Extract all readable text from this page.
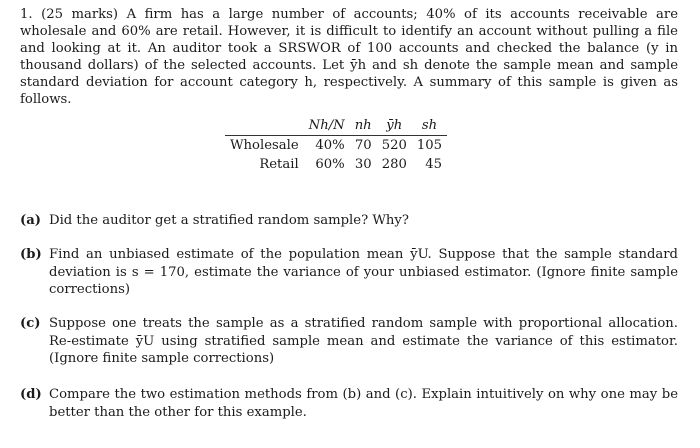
1. (25 marks) A firm has a large number of accounts; 40% of its accounts receivable are wholesale and 60% are retail. However, it is difficult to identify an account without pulling a file and looking at it. An auditor took a SRSWOR of 100 accounts and checked the balance (y in thousand dollars) of the selected accounts. Let ȳh and sh denote the sample mean and sample standard deviation for account category h, respectively. A summary of this sample is given as follows.

	Nh/N	nh	ȳh	sh
Wholesale	40%	70	520	105
Retail	60%	30	280	45
(a) Did the auditor get a stratified random sample? Why?
(b) Find an unbiased estimate of the population mean ȳU. Suppose that the sample standard deviation is s = 170, estimate the variance of your unbiased estimator. (Ignore finite sample corrections)
(c) Suppose one treats the sample as a stratified random sample with proportional allocation. Re-estimate ȳU using stratified sample mean and estimate the variance of this estimator. (Ignore finite sample corrections)
(d) Compare the two estimation methods from (b) and (c). Explain intuitively on why one may be better than the other for this example.
